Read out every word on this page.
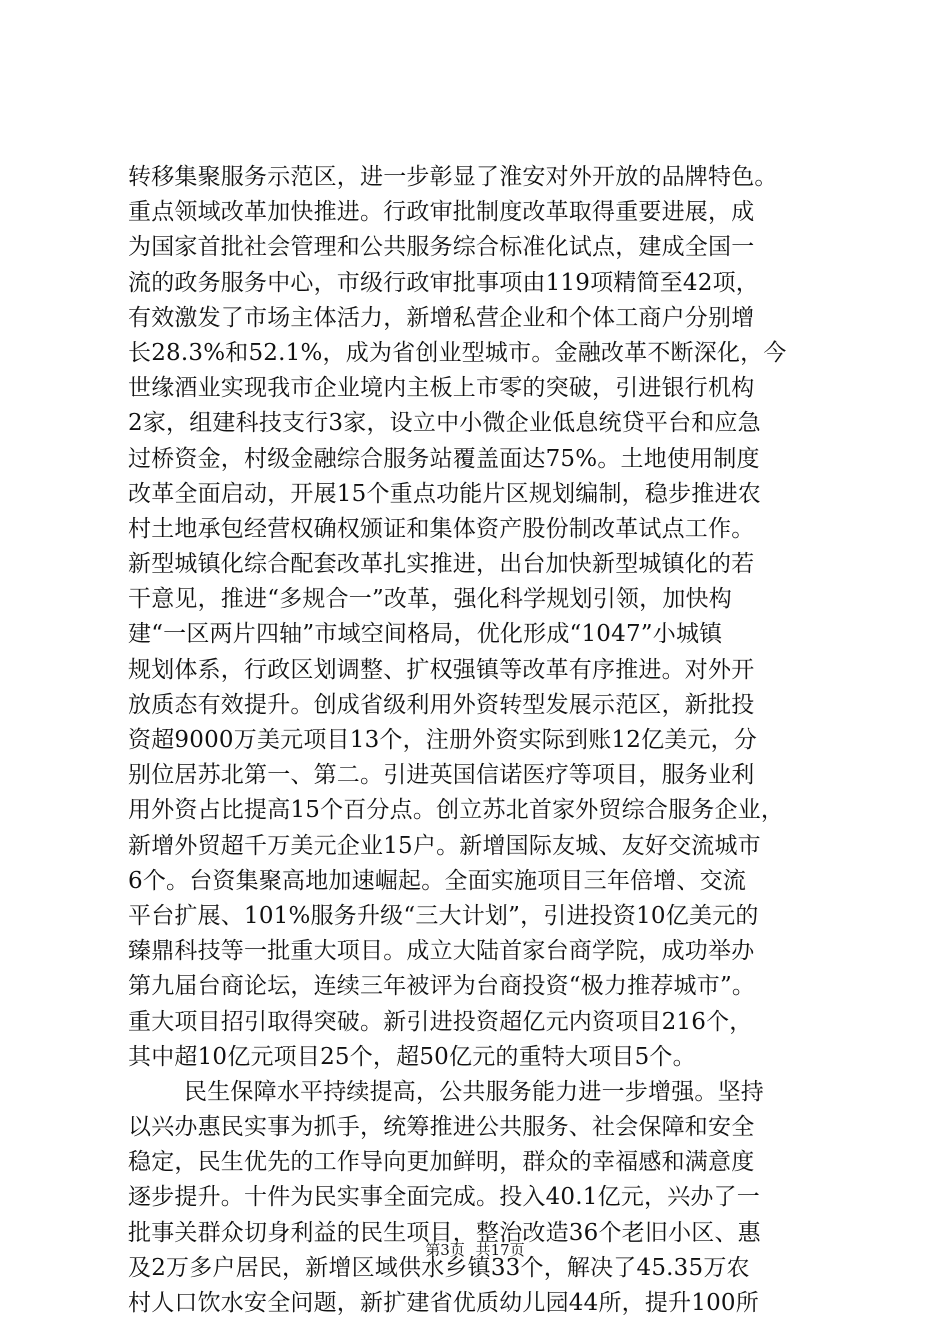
转移集聚服务示范区，进一步彰显了淮安对外开放的品牌特色。
重点领域改革加快推进。行政审批制度改革取得重要进展，成
为国家首批社会管理和公共服务综合标准化试点，建成全国一
流的政务服务中心，市级行政审批事项由119项精简至42项，
有效激发了市场主体活力，新增私营企业和个体工商户分别增
长28.3%和52.1%，成为省创业型城市。金融改革不断深化，今
世缘酒业实现我市企业境内主板上市零的突破，引进银行机构
2家，组建科技支行3家，设立中小微企业低息统贷平台和应急
过桥资金，村级金融综合服务站覆盖面达75%。土地使用制度
改革全面启动，开展15个重点功能片区规划编制，稳步推进农
村土地承包经营权确权颁证和集体资产股份制改革试点工作。
新型城镇化综合配套改革扎实推进，出台加快新型城镇化的若
干意见，推进“多规合一”改革，强化科学规划引领，加快构
建“一区两片四轴”市域空间格局，优化形成“1047”小城镇
规划体系，行政区划调整、扩权强镇等改革有序推进。对外开
放质态有效提升。创成省级利用外资转型发展示范区，新批投
资超9000万美元项目13个，注册外资实际到账12亿美元，分
别位居苏北第一、第二。引进英国信诺医疗等项目，服务业利
用外资占比提高15个百分点。创立苏北首家外贸综合服务企业，
新增外贸超千万美元企业15户。新增国际友城、友好交流城市
6个。台资集聚高地加速崛起。全面实施项目三年倍增、交流
平台扩展、101%服务升级“三大计划”，引进投资10亿美元的
臻鼎科技等一批重大项目。成立大陆首家台商学院，成功举办
第九届台商论坛，连续三年被评为台商投资“极力推荐城市”。
重大项目招引取得突破。新引进投资超亿元内资项目216个，
其中超10亿元项目25个，超50亿元的重特大项目5个。
民生保障水平持续提高，公共服务能力进一步增强。坚持
以兴办惠民实事为抓手，统筹推进公共服务、社会保障和安全
稳定，民生优先的工作导向更加鲜明，群众的幸福感和满意度
逐步提升。十件为民实事全面完成。投入40.1亿元，兴办了一
批事关群众切身利益的民生项目，整治改造36个老旧小区、惠
及2万多户居民，新增区域供水乡镇33个，解决了45.35万农
村人口饮水安全问题，新扩建省优质幼儿园44所，提升100所
第3页 共17页
